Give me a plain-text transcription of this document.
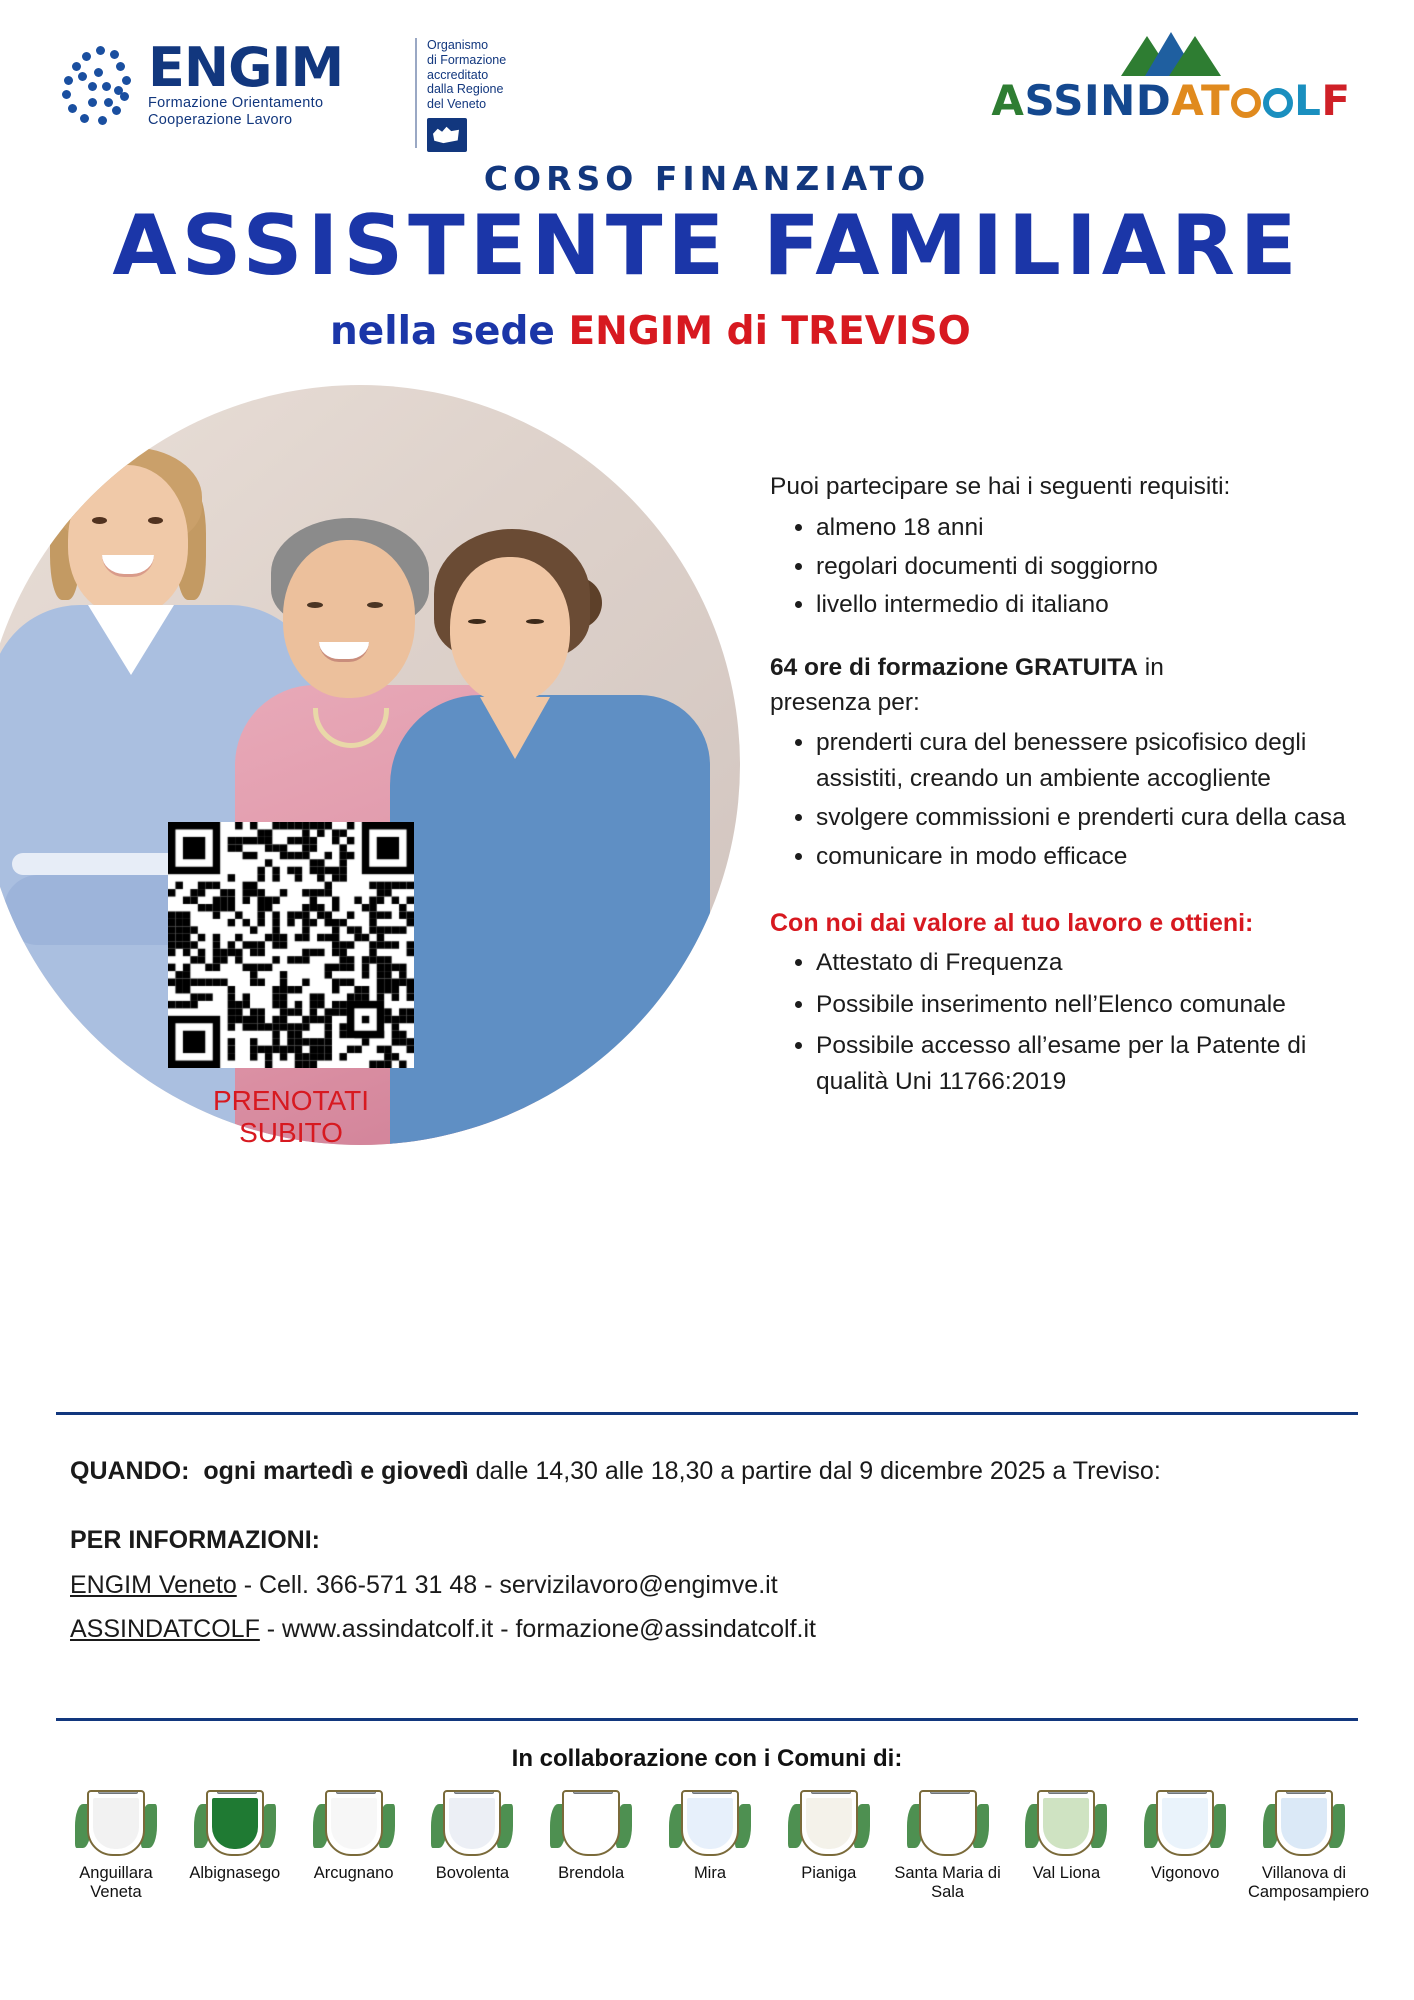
ENGIM
Formazione Orientamento
Cooperazione Lavoro
Organismo
di Formazione
accreditato
dalla Regione
del Veneto	ASSINDAT LF
CORSO FINANZIATO
ASSISTENTE FAMILIARE
nella sede ENGIM di TREVISO
PRENOTATI SUBITO

Puoi partecipare se hai i seguenti requisiti:

• almeno 18 anni
• regolari documenti di soggiorno
• livello intermedio di italiano
64 ore di formazione GRATUITA in
presenza per:
• prenderti cura del benessere psicofisico degli assistiti, creando un ambiente accogliente
• svolgere commissioni e prenderti cura della casa
• comunicare in modo efficace
Con noi dai valore al tuo lavoro e ottieni:
• Attestato di Frequenza
• Possibile inserimento nell’Elenco comunale
• Possibile accesso all’esame per la Patente di qualità Uni 11766:2019
QUANDO: ogni martedì e giovedì dalle 14,30 alle 18,30 a partire dal 9 dicembre 2025 a Treviso:
PER INFORMAZIONI:
ENGIM Veneto - Cell. 366-571 31 48 - servizilavoro@engimve.it
ASSINDATCOLF - www.assindatcolf.it - formazione@assindatcolf.it
In collaborazione con i Comuni di:
Anguillara Veneta
Albignasego	Arcugnano	Bovolenta	Brendola	Mira	Pianiga	Santa Maria di Sala
Val Liona	Vigonovo	Villanova di Camposampiero
